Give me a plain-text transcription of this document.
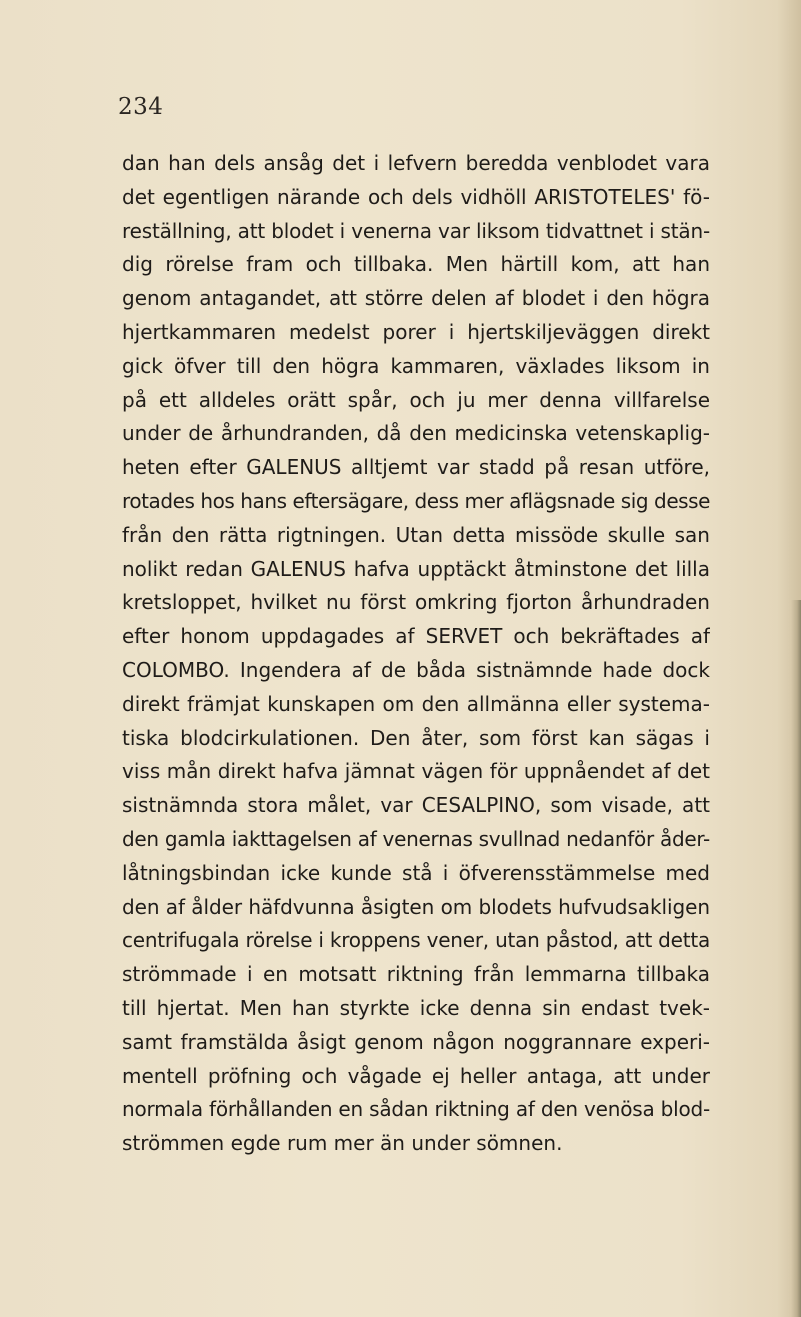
234
dan han dels ansåg det i lefvern beredda venblodet vara
det egentligen närande och dels vidhöll ARISTOTELES' fö-
reställning, att blodet i venerna var liksom tidvattnet i stän-
dig rörelse fram och tillbaka. Men härtill kom, att han
genom antagandet, att större delen af blodet i den högra
hjertkammaren medelst porer i hjertskiljeväggen direkt
gick öfver till den högra kammaren, växlades liksom in
på ett alldeles orätt spår, och ju mer denna villfarelse
under de århundranden, då den medicinska vetenskaplig-
heten efter GALENUS alltjemt var stadd på resan utföre,
rotades hos hans eftersägare, dess mer aflägsnade sig desse
från den rätta rigtningen. Utan detta missöde skulle san
nolikt redan GALENUS hafva upptäckt åtminstone det lilla
kretsloppet, hvilket nu först omkring fjorton århundraden
efter honom uppdagades af SERVET och bekräftades af
COLOMBO. Ingendera af de båda sistnämnde hade dock
direkt främjat kunskapen om den allmänna eller systema-
tiska blodcirkulationen. Den åter, som först kan sägas i
viss mån direkt hafva jämnat vägen för uppnåendet af det
sistnämnda stora målet, var CESALPINO, som visade, att
den gamla iakttagelsen af venernas svullnad nedanför åder-
låtningsbindan icke kunde stå i öfverensstämmelse med
den af ålder häfdvunna åsigten om blodets hufvudsakligen
centrifugala rörelse i kroppens vener, utan påstod, att detta
strömmade i en motsatt riktning från lemmarna tillbaka
till hjertat. Men han styrkte icke denna sin endast tvek-
samt framstälda åsigt genom någon noggrannare experi-
mentell pröfning och vågade ej heller antaga, att under
normala förhållanden en sådan riktning af den venösa blod-
strömmen egde rum mer än under sömnen.
